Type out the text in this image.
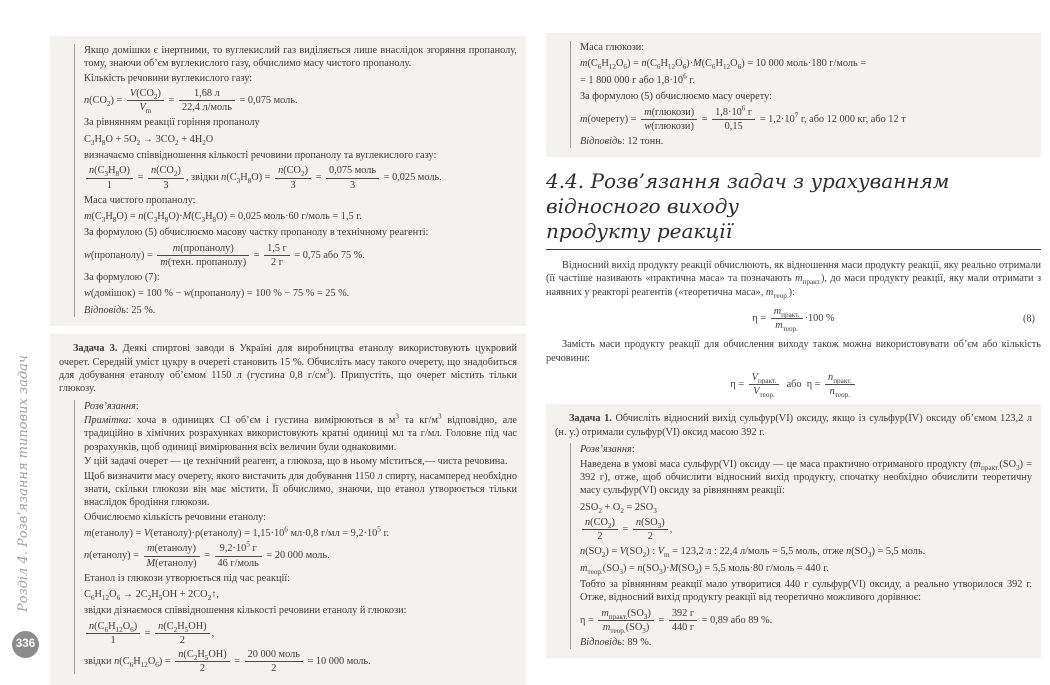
Розділ 4. Розв’язання типових задач
336
Якщо домішки є інертними, то вуглекислий газ виділяється лише внаслідок згоряння пропанолу, тому, знаючи об’єм вуглекислого газу, обчислимо масу чистого пропанолу.
Кількість речовини вуглекислого газу:
$n(CO_2) = \frac{V(CO_2)}{V_m} = \frac{1,68 л}{\text{22,4 л/моль}} = 0,075$ моль.
За рівнянням реакції горіння пропанолу
$C_3H_8O + 5O_2 \to 3CO_2 + 4H_2O$
визначаємо співвідношення кількості речовини пропанолу та вуглекислого газу:
$\frac{n(C_3H_8O)}{1} = \frac{n(CO_2)}{3}$ , звідки $n(C_3H_8O) = \frac{n(CO_2)}{3} = \frac{\text{0,075 моль}}{3} = 0,025$ моль.
Маса чистого пропанолу:
$m(C_3H_8O) = n(C_3H_8O)\cdot M(C_3H_8O) = 0,025$ моль·60 г/моль = 1,5 г.
За формулою (5) обчислюємо масову частку пропанолу в технічному реагенті:
w(пропанолу) = $\frac{\text{m(пропанолу)}}{\text{m(техн. пропанолу)}} = \frac{1,5 г}{2 г} = 0,75$ або 75 %.
За формулою (7):
w(домішок) = 100 % − w(пропанолу) = 100 % − 75 % = 25 %.
Відповідь: 25 %.
Задача 3. Деякі спиртові заводи в Україні для виробництва етанолу використовують цукровий очерет. Середній уміст цукру в очереті становить 15 %. Обчисліть масу такого очерету, що знадобиться для добування етанолу об’ємом 1150 л (густина 0,8 $г/см^3$). Припустіть, що очерет містить тільки глюкозу.
Розв’язання:
Примітка: хоча в одиницях СІ об’єм і густина вимірюються в $м^3$ та $кг/м^3$ відповідно, але традиційно в хімічних розрахунках використовують кратні одиниці мл та г/мл. Головне під час розрахунків, щоб одиниці вимірювання всіх величин були однаковими.
У цій задачі очерет — це технічний реагент, а глюкоза, що в ньому міститься,— чиста речовина.
Щоб визначити масу очерету, якого вистачить для добування 1150 л спирту, насамперед необхідно знати, скільки глюкози він має містити. Її обчислимо, знаючи, що етанол утворюється тільки внаслідок бродіння глюкози.
Обчислюємо кількість речовини етанолу:
m(етанолу) = V(етанолу)·ρ(етанолу) = $1,15\cdot 10^6$ мл·0,8 $г/мл = 9,2\cdot 10^5$ г.
n(етанолу) = $\frac{\text{m(етанолу)}}{\text{M(етанолу)}} = \frac{9,2\cdot 10^5 г}{\text{46 г/моль}} = 20$ 000 моль.
Етанол із глюкози утворюється під час реакції:
$C_6H_{12}O_6 \to 2C_2H_5OH$ + $2CO_2↑$,
звідки дізнаємося співвідношення кількості речовини етанолу й глюкози:
$\frac{n(C_6H_{12}O_6)}{1} = \frac{n(C_2H_5OH)}{2}$ ,
звідки $n(C_6H_{12}O_6) = \frac{n(C_2H_5OH)}{2} = \frac{\text{20 000 моль}}{2} = 10$ 000 моль.
Маса глюкози:
$m(C_6H_{12}O_6) = n(C_6H_{12}O_6)\cdot M(C_6H_{12}O_6) = 10$ 000 моль·180 г/моль =
= 1 800 000 г або $1,8\cdot 10^6$ г.
За формулою (5) обчислюємо масу очерету:
m(очерету) = $\frac{\text{m(глюкози)}}{\text{w(глюкози)}} = \frac{1,8\cdot 10^6 г}{0,15} = 1,2\cdot 10^7$ г, або 12 000 кг, або 12 т
Відповідь: 12 тонн.
4.4. Розв’язання задач з урахуванням відносного виходу
продукту реакції
Відносний вихід продукту реакції обчислюють, як відношення маси продукту реакції, яку реально отримали (її частіше називають «практична маса» та позначають $m_{практ.}$), до маси продукту реакції, яку мали отримати з наявних у реакторі реагентів («теоретична маса», $m_{теор.}$):
$\eta = \frac{m_{практ.}}{m_{теор.}} \cdot 100$ %	(8)
Замість маси продукту реакції для обчислення виходу також можна використовувати об’єм або кількість речовини:
$\eta = \frac{V_{практ.}}{V_{теор.}}$ або  $\eta = \frac{n_{практ.}}{n_{теор.}}$
Задача 1. Обчисліть відносний вихід сульфур(VI) оксиду, якщо із сульфур(IV) оксиду об’ємом 123,2 л (н. у.) отримали сульфур(VI) оксид масою 392 г.
Розв’язання:
Наведена в умові маса сульфур(VI) оксиду — це маса практично отриманого продукту ($m_{практ.}(SO_3) = 392$ г), отже, щоб обчислити відносний вихід продукту, спочатку необхідно обчислити теоретичну масу сульфур(VI) оксиду за рівнянням реакції:
$2SO_2 + O_2 = 2SO_3$
$\frac{n(CO_2)}{2} = \frac{n(SO_3)}{2}$ ,
$n(SO_2) = V(SO_2)$ : $V_m = 123,2$ л : 22,4 л/моль = 5,5 моль, отже $n(SO_3) = 5,5$ моль.
$m_{теор.}(SO_3) = n(SO_3)\cdot M(SO_3) = 5,5$ моль·80 г/моль = 440 г.
Тобто за рівнянням реакції мало утворитися 440 г сульфур(VI) оксиду, а реально утворилося 392 г. Отже, відносний вихід продукту реакції від теоретично можливого дорівнює:
$\eta = \frac{m_{практ.}(SO_3)}{m_{теор.}(SO_3)} = \frac{392 г}{440 г} = 0,89$ або 89 %.
Відповідь: 89 %.
